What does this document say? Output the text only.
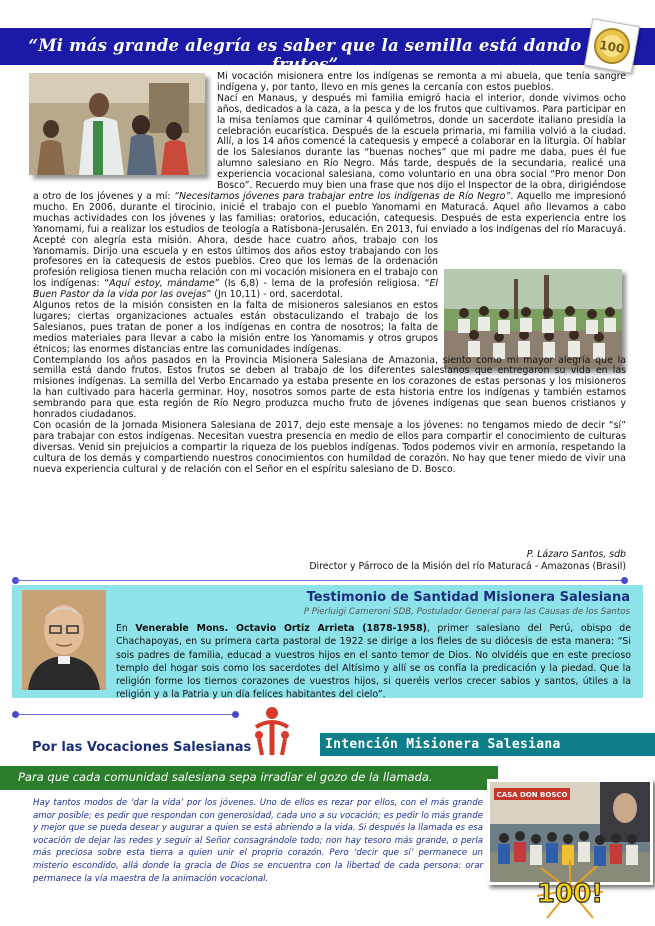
“Mi más grande alegría es saber que la semilla está dando frutos”
100

Mi vocación misionera entre los indígenas se remonta a mi abuela, que tenía sangre indígena y, por tanto, llevo en mis genes la cercanía con estos pueblos.

Nací en Manaus, y después mi familia emigró hacia el interior, donde vivimos ocho años, dedicados a la caza, a la pesca y de los frutos que cultivamos. Para participar en la misa teníamos que caminar 4 quilómetros, donde un sacerdote italiano presidía la celebración eucarística. Después de la escuela primaria, mi familia volvió a la ciudad. Allí, a los 14 años comencé la catequesis y empecé a colaborar en la liturgia. Oí hablar de los Salesianos durante las “buenas noches” que mi padre me daba, pues él fue alumno salesiano en Río Negro. Más tarde, después de la secundaria, realicé una experiencia vocacional salesiana, como voluntario en una obra social “Pro menor Don Bosco”. Recuerdo muy bien una frase que nos dijo el Inspector de la obra, dirigiéndose a otro de los jóvenes y a mí: “Necesitamos jóvenes para trabajar entre los indígenas de Río Negro”. Aquello me impresionó mucho. En 2006, durante el tirocinio, inicié el trabajo con el pueblo Yanomami en Maturacá. Aquel año llevamos a cabo muchas actividades con los jóvenes y las familias: oratorios, educación, catequesis. Después de esta experiencia entre los Yanomami, fui a realizar los estudios de teología a Ratisbona-Jerusalén. En 2013, fui enviado a los indígenas del río Maracuyá.

Acepté con alegría esta misión. Ahora, desde hace cuatro años, trabajo con los Yanomamis. Dirijo una escuela y en estos últimos dos años estoy trabajando con los profesores en la catequesis de estos pueblos. Creo que los lemas de la ordenación profesión religiosa tienen mucha relación con mi vocación misionera en el trabajo con los indígenas: “Aquí estoy, mándame” (Is 6,8) - lema de la profesión religiosa. “El Buen Pastor da la vida por las ovejas” (Jn 10,11) - ord. sacerdotal.

Algunos retos de la misión consisten en la falta de misioneros salesianos en estos lugares; ciertas organizaciones actuales están obstaculizando el trabajo de los Salesianos, pues tratan de poner a los indígenas en contra de nosotros; la falta de medios materiales para llevar a cabo la misión entre los Yanomamis y otros grupos étnicos; las enormes distancias entre las comunidades indígenas.

Contemplando los años pasados en la Provincia Misionera Salesiana de Amazonia, siento como mi mayor alegría que la semilla está dando frutos. Estos frutos se deben al trabajo de los diferentes salesianos que entregaron su vida en las misiones indígenas. La semilla del Verbo Encarnado ya estaba presente en los corazones de estas personas y los misioneros la han cultivado para hacerla germinar. Hoy, nosotros somos parte de esta historia entre los indígenas y también estamos sembrando para que esta región de Río Negro produzca mucho fruto de jóvenes indígenas que sean buenos cristianos y honrados ciudadanos.

Con ocasión de la Jornada Misionera Salesiana de 2017, dejo este mensaje a los jóvenes: no tengamos miedo de decir “sí” para trabajar con estos indígenas. Necesitan vuestra presencia en medio de ellos para compartir el conocimiento de culturas diversas. Venid sin prejuicios a compartir la riqueza de los pueblos indígenas. Todos podemos vivir en armonía, respetando la cultura de los demás y compartiendo nuestros conocimientos con humildad de corazón. No hay que tener miedo de vivir una nueva experiencia cultural y de relación con el Señor en el espíritu salesiano de D. Bosco.

P. Lázaro Santos, sdb
Director y Párroco de la Misión del río Maturacá - Amazonas (Brasil)
Testimonio de Santidad Misionera Salesiana
P Pierluigi Cameroni SDB, Postulador General para las Causas de los Santos
En Venerable Mons. Octavio Ortiz Arrieta (1878-1958), primer salesiano del Perú, obispo de Chachapoyas, en su primera carta pastoral de 1922 se dirige a los fieles de su diócesis de esta manera: “Si sois padres de familia, educad a vuestros hijos en el santo temor de Dios. No olvidéis que en este precioso templo del hogar sois como los sacerdotes del Altísimo y allí se os confía la predicación y la piedad. Que la religión forme los tiernos corazones de vuestros hijos, si queréis verlos crecer sabios y santos, útiles a la religión y a la Patria y un día felices habitantes del cielo”.
Por las Vocaciones Salesianas	Intención Misionera Salesiana
Para que cada comunidad salesiana sepa irradiar el gozo de la llamada.
CASA DON BOSCO
Hay tantos modos de ‘dar la vida’ por los jóvenes. Uno de ellos es rezar por ellos, con el más grande amor posible; es pedir que respondan con generosidad, cada uno a su vocación; es pedir lo más grande y mejor que se pueda desear y augurar a quien se está abriendo a la vida. Si después la llamada es esa vocación de dejar las redes y seguir al Señor consagrándole todo; non hay tesoro más grande, o perla más preciosa sobre esta tierra a quien unir el proprio corazón. Pero ‘decir que sí’ permanece un misterio escondido, allá donde la gracia de Dios se encuentra con la libertad de cada persona: orar permanece la vía maestra de la animación vocacional.
100!
